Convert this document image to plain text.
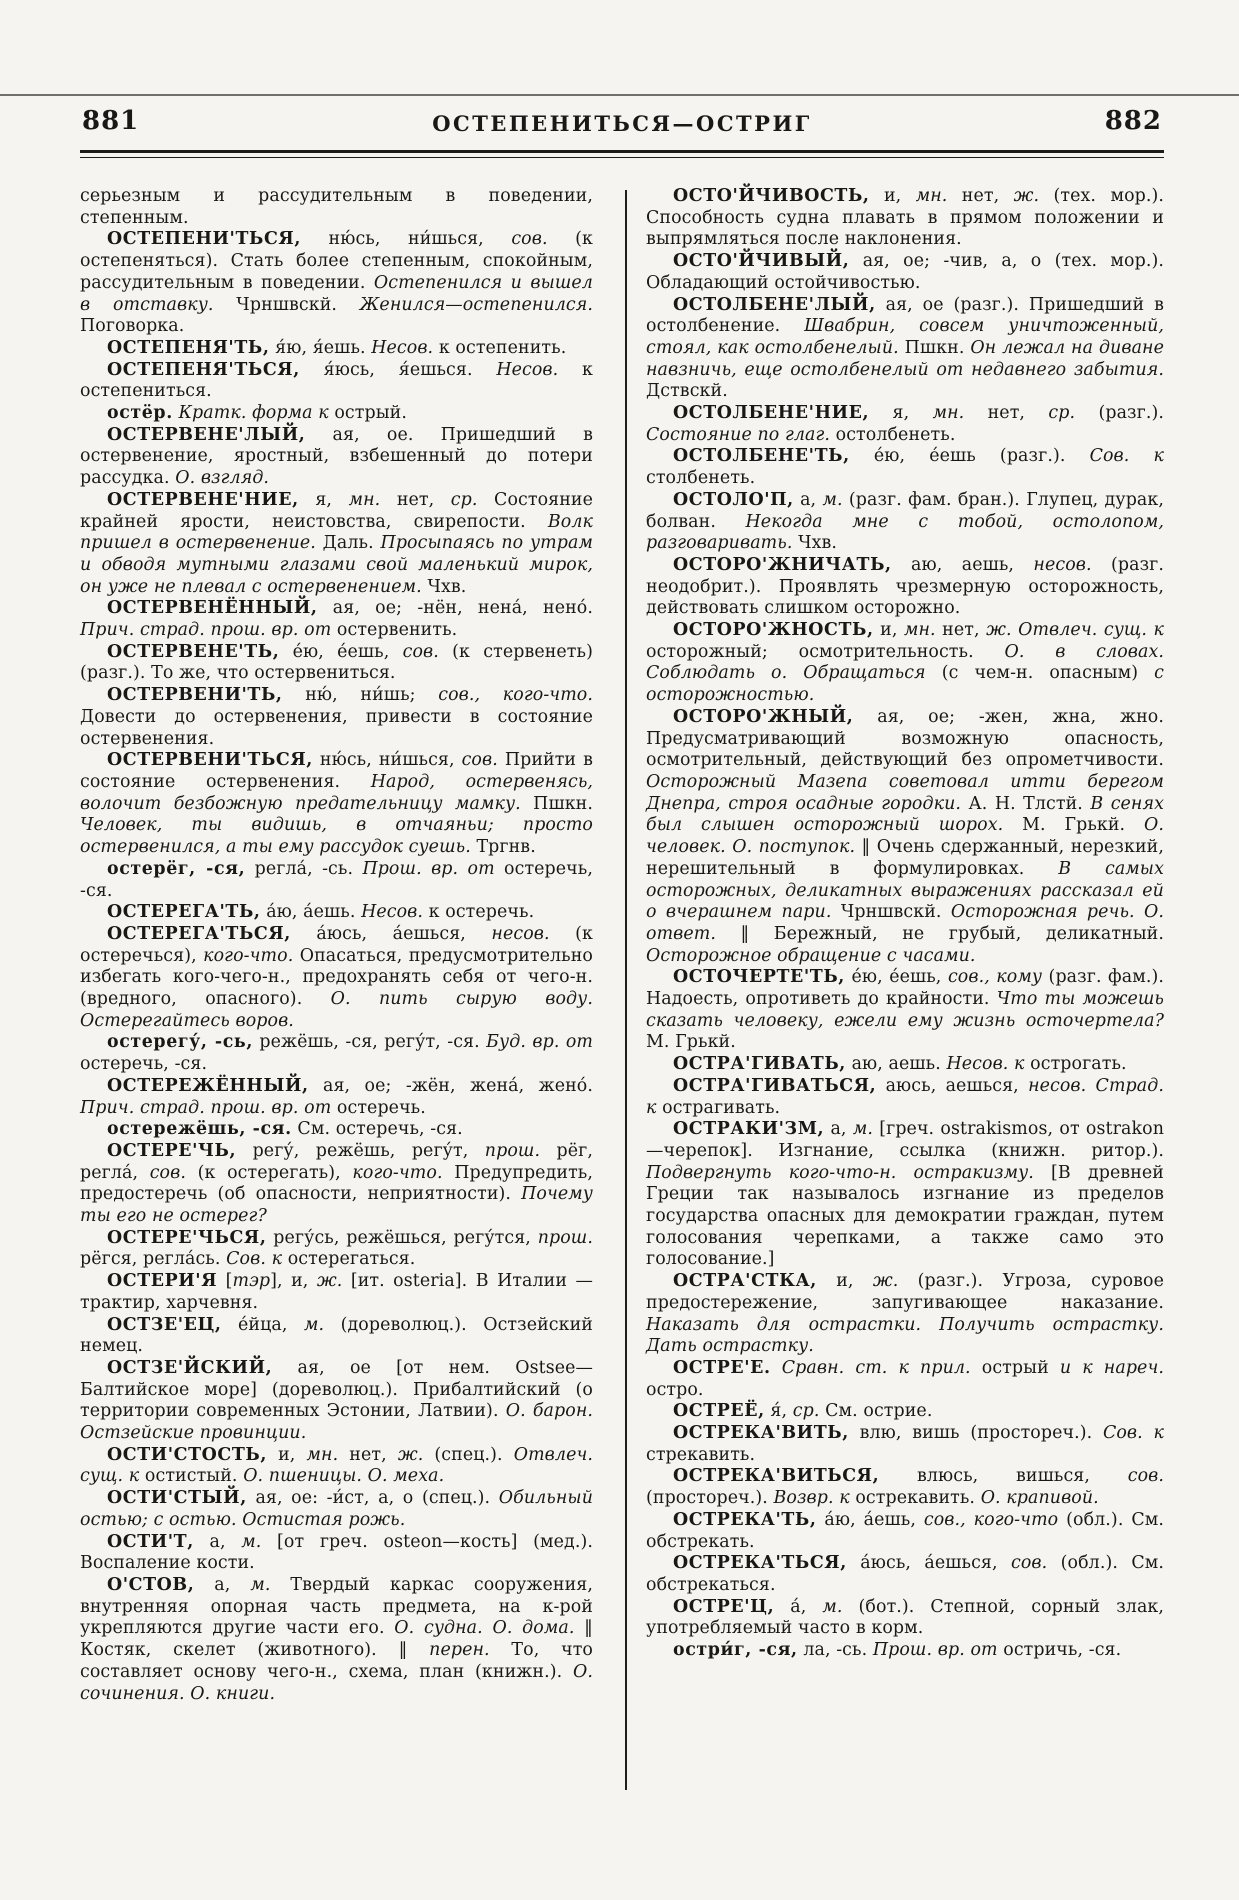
881	ОСТЕПЕНИТЬСЯ—ОСТРИГ	882

серьезным и рассудительным в поведении, степенным.

ОСТЕПЕНИ'ТЬСЯ, ню́сь, ни́шься, сов. (к остепеняться). Стать более степенным, спокойным, рассудительным в поведении. Остепенился и вышел в отставку. Чрншвскй. Женился—остепенился. Поговорка.

ОСТЕПЕНЯ'ТЬ, я́ю, я́ешь. Несов. к остепенить.

ОСТЕПЕНЯ'ТЬСЯ, я́юсь, я́ешься. Несов. к остепениться.

остёр. Кратк. форма к острый.

ОСТЕРВЕНЕ'ЛЫЙ, ая, ое. Пришедший в остервенение, яростный, взбешенный до потери рассудка. О. взгляд.

ОСТЕРВЕНЕ'НИЕ, я, мн. нет, ср. Состояние крайней ярости, неистовства, свирепости. Волк пришел в остервенение. Даль. Просыпаясь по утрам и обводя мутными глазами свой маленький мирок, он уже не плевал с остервенением. Чхв.

ОСТЕРВЕНЁННЫЙ, ая, ое; -нён, нена́, нено́. Прич. страд. прош. вр. от остервенить.

ОСТЕРВЕНЕ'ТЬ, е́ю, е́ешь, сов. (к стервенеть) (разг.). То же, что остервениться.

ОСТЕРВЕНИ'ТЬ, ню́, ни́шь; сов., кого-что. Довести до остервенения, привести в состояние остервенения.

ОСТЕРВЕНИ'ТЬСЯ, ню́сь, ни́шься, сов. Прийти в состояние остервенения. Народ, остервенясь, волочит безбожную предательницу мамку. Пшкн. Человек, ты видишь, в отчаяньи; просто остервенился, а ты ему рассудок суешь. Тргнв.

остерёг, -ся, регла́, -сь. Прош. вр. от остеречь, -ся.

ОСТЕРЕГА'ТЬ, а́ю, а́ешь. Несов. к остеречь.

ОСТЕРЕГА'ТЬСЯ, а́юсь, а́ешься, несов. (к остеречься), кого-что. Опасаться, предусмотрительно избегать кого-чего-н., предохранять себя от чего-н. (вредного, опасного). О. пить сырую воду. Остерегайтесь воров.

остерегу́, -сь, режёшь, -ся, регу́т, -ся. Буд. вр. от остеречь, -ся.

ОСТЕРЕЖЁННЫЙ, ая, ое; -жён, жена́, жено́. Прич. страд. прош. вр. от остеречь.

остережёшь, -ся. См. остеречь, -ся.

ОСТЕРЕ'ЧЬ, регу́, режёшь, регу́т, прош. рёг, регла́, сов. (к остерегать), кого-что. Предупредить, предостеречь (об опасности, неприятности). Почему ты его не остерег?

ОСТЕРЕ'ЧЬСЯ, регу́сь, режёшься, регу́тся, прош. рёгся, регла́сь. Сов. к остерегаться.

ОСТЕРИ'Я [тэр], и, ж. [ит. osteria]. В Италии — трактир, харчевня.

ОСТЗЕ'ЕЦ, е́йца, м. (дореволюц.). Остзейский немец.

ОСТЗЕ'ЙСКИЙ, ая, ое [от нем. Ostsee—Балтийское море] (дореволюц.). Прибалтийский (о территории современных Эстонии, Латвии). О. барон. Остзейские провинции.

ОСТИ'СТОСТЬ, и, мн. нет, ж. (спец.). Отвлеч. сущ. к остистый. О. пшеницы. О. меха.

ОСТИ'СТЫЙ, ая, ое: -и́ст, а, о (спец.). Обильный остью; с остью. Остистая рожь.

ОСТИ'Т, а, м. [от греч. osteon—кость] (мед.). Воспаление кости.

О'СТОВ, а, м. Твердый каркас сооружения, внутренняя опорная часть предмета, на к-рой укрепляются другие части его. О. судна. О. дома. ‖ Костяк, скелет (животного). ‖ перен. То, что составляет основу чего-н., схема, план (книжн.). О. сочинения. О. книги.

ОСТО'ЙЧИВОСТЬ, и, мн. нет, ж. (тех. мор.). Способность судна плавать в прямом положении и выпрямляться после наклонения.

ОСТО'ЙЧИВЫЙ, ая, ое; -чив, а, о (тех. мор.). Обладающий остойчивостью.

ОСТОЛБЕНЕ'ЛЫЙ, ая, ое (разг.). Пришедший в остолбенение. Швабрин, совсем уничтоженный, стоял, как остолбенелый. Пшкн. Он лежал на диване навзничь, еще остолбенелый от недавнего забытия. Дствскй.

ОСТОЛБЕНЕ'НИЕ, я, мн. нет, ср. (разг.). Состояние по глаг. остолбенеть.

ОСТОЛБЕНЕ'ТЬ, е́ю, е́ешь (разг.). Сов. к столбенеть.

ОСТОЛО'П, а, м. (разг. фам. бран.). Глупец, дурак, болван. Некогда мне с тобой, остолопом, разговаривать. Чхв.

ОСТОРО'ЖНИЧАТЬ, аю, аешь, несов. (разг. неодобрит.). Проявлять чрезмерную осторожность, действовать слишком осторожно.

ОСТОРО'ЖНОСТЬ, и, мн. нет, ж. Отвлеч. сущ. к осторожный; осмотрительность. О. в словах. Соблюдать о. Обращаться (с чем-н. опасным) с осторожностью.

ОСТОРО'ЖНЫЙ, ая, ое; -жен, жна, жно. Предусматривающий возможную опасность, осмотрительный, действующий без опрометчивости. Осторожный Мазепа советовал итти берегом Днепра, строя осадные городки. А. Н. Тлстй. В сенях был слышен осторожный шорох. М. Грькй. О. человек. О. поступок. ‖ Очень сдержанный, нерезкий, нерешительный в формулировках. В самых осторожных, деликатных выражениях рассказал ей о вчерашнем пари. Чрншвскй. Осторожная речь. О. ответ. ‖ Бережный, не грубый, деликатный. Осторожное обращение с часами.

ОСТОЧЕРТЕ'ТЬ, е́ю, е́ешь, сов., кому (разг. фам.). Надоесть, опротиветь до крайности. Что ты можешь сказать человеку, ежели ему жизнь осточертела? М. Грькй.

ОСТРА'ГИВАТЬ, аю, аешь. Несов. к острогать.

ОСТРА'ГИВАТЬСЯ, аюсь, аешься, несов. Страд. к острагивать.

ОСТРАКИ'ЗМ, а, м. [греч. ostrakismos, от ostrakon—черепок]. Изгнание, ссылка (книжн. ритор.). Подвергнуть кого-что-н. остракизму. [В древней Греции так называлось изгнание из пределов государства опасных для демократии граждан, путем голосования черепками, а также само это голосование.]

ОСТРА'СТКА, и, ж. (разг.). Угроза, суровое предостережение, запугивающее наказание. Наказать для острастки. Получить острастку. Дать острастку.

ОСТРЕ'Е. Сравн. ст. к прил. острый и к нареч. остро.

ОСТРЕЁ, я́, ср. См. острие.

ОСТРЕКА'ВИТЬ, влю, вишь (простореч.). Сов. к стрекавить.

ОСТРЕКА'ВИТЬСЯ, влюсь, вишься, сов. (простореч.). Возвр. к острекавить. О. крапивой.

ОСТРЕКА'ТЬ, а́ю, а́ешь, сов., кого-что (обл.). См. обстрекать.

ОСТРЕКА'ТЬСЯ, а́юсь, а́ешься, сов. (обл.). См. обстрекаться.

ОСТРЕ'Ц, а́, м. (бот.). Степной, сорный злак, употребляемый часто в корм.

остри́г, -ся, ла, -сь. Прош. вр. от остричь, -ся.
